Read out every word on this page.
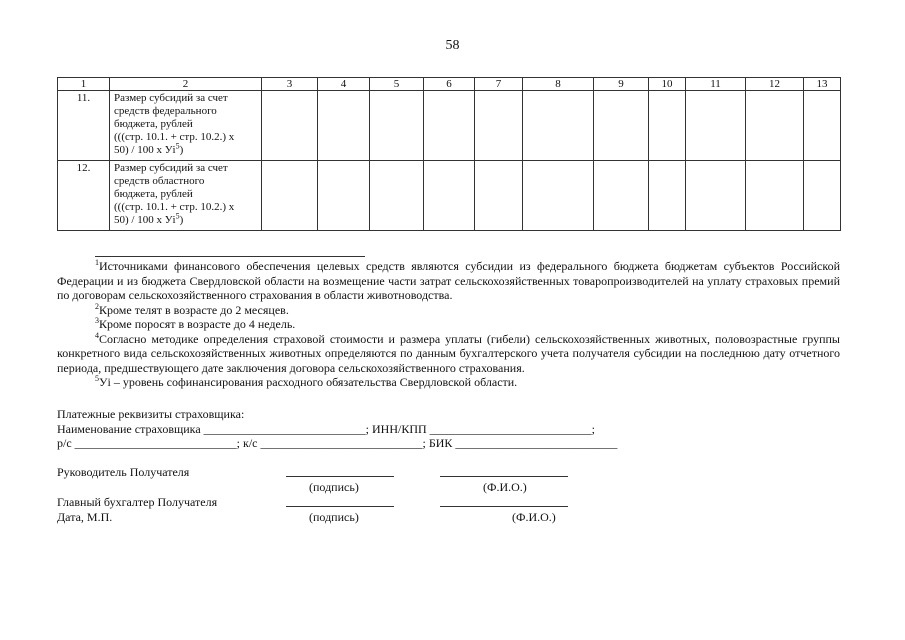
58
1	2	3	4	5	6	7	8	9	10	11	12	13
11.	Размер субсидий за счет
средств федерального
бюджета, рублей
(((стр. 10.1. + стр. 10.2.) х
50) / 100 х $Уi^5$)											
12.	Размер субсидий за счет
средств областного
бюджета, рублей
(((стр. 10.1. + стр. 10.2.) х
50) / 100 х $Уi^5$)											

$^1$Источниками финансового обеспечения целевых средств являются субсидии из федерального бюджета бюджетам субъектов Российской Федерации и из бюджета Свердловской области на возмещение части затрат сельскохозяйственных товаропроизводителей на уплату страховых премий по договорам сельскохозяйственного страхования в области животноводства.

$^2$Кроме телят в возрасте до 2 месяцев.

$^3$Кроме поросят в возрасте до 4 недель.

$^4$Согласно методике определения страховой стоимости и размера уплаты (гибели) сельскохозяйственных животных, половозрастные группы конкретного вида сельскохозяйственных животных определяются по данным бухгалтерского учета получателя субсидии на последнюю дату отчетного периода, предшествующего дате заключения договора сельскохозяйственного страхования.

$^5$Уi – уровень софинансирования расходного обязательства Свердловской области.

Платежные реквизиты страховщика:
Наименование страховщика ___________________________; ИНН/КПП ___________________________;
р/с ___________________________; к/с ___________________________; БИК ___________________________
Руководитель Получателя
(подпись)	(Ф.И.О.)
Главный бухгалтер Получателя
Дата, М.П.	(подпись)	(Ф.И.О.)
